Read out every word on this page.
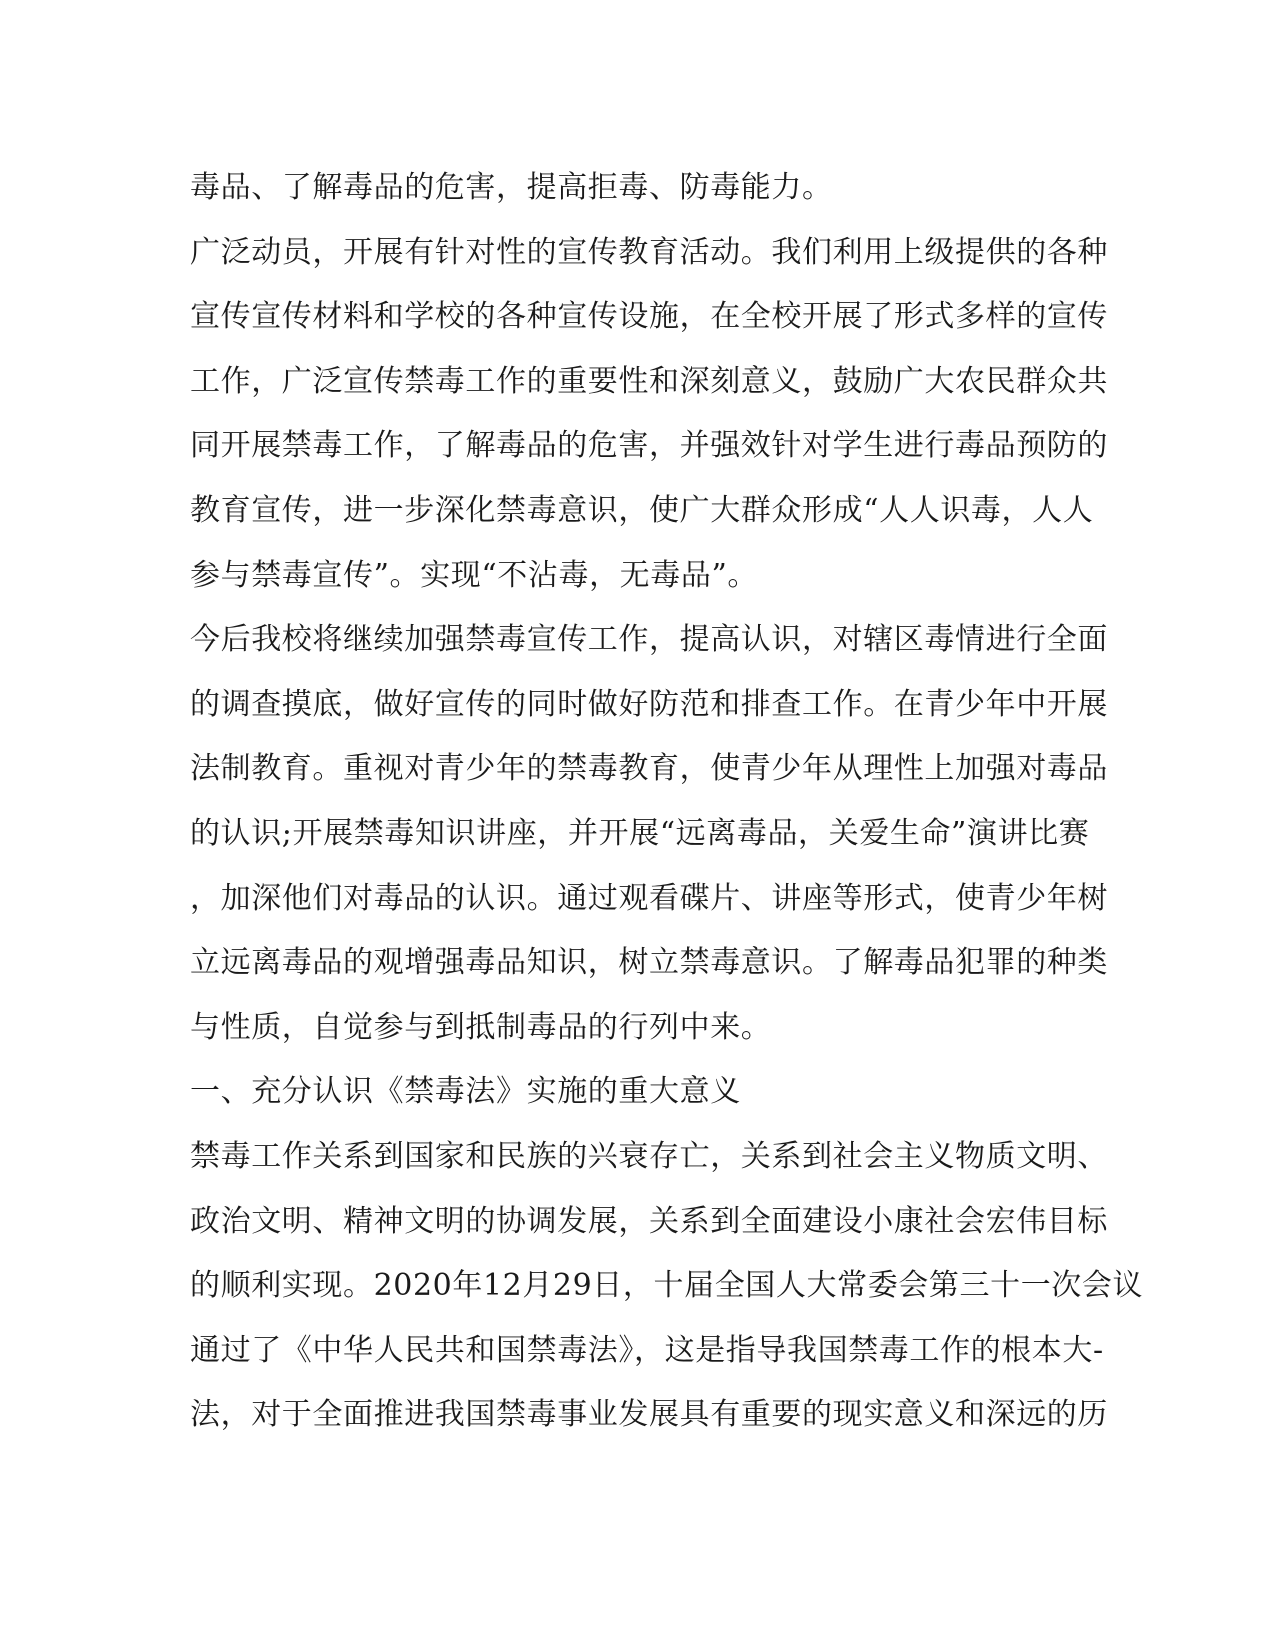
毒品、了解毒品的危害，提高拒毒、防毒能力。
广泛动员，开展有针对性的宣传教育活动。我们利用上级提供的各种
宣传宣传材料和学校的各种宣传设施，在全校开展了形式多样的宣传
工作，广泛宣传禁毒工作的重要性和深刻意义，鼓励广大农民群众共
同开展禁毒工作，了解毒品的危害，并强效针对学生进行毒品预防的
教育宣传，进一步深化禁毒意识，使广大群众形成“人人识毒，人人
参与禁毒宣传”。实现“不沾毒，无毒品”。
今后我校将继续加强禁毒宣传工作，提高认识，对辖区毒情进行全面
的调查摸底，做好宣传的同时做好防范和排查工作。在青少年中开展
法制教育。重视对青少年的禁毒教育，使青少年从理性上加强对毒品
的认识;开展禁毒知识讲座，并开展“远离毒品，关爱生命”演讲比赛
，加深他们对毒品的认识。通过观看碟片、讲座等形式，使青少年树
立远离毒品的观增强毒品知识，树立禁毒意识。了解毒品犯罪的种类
与性质，自觉参与到抵制毒品的行列中来。
一、充分认识《禁毒法》实施的重大意义
禁毒工作关系到国家和民族的兴衰存亡，关系到社会主义物质文明、
政治文明、精神文明的协调发展，关系到全面建设小康社会宏伟目标
的顺利实现。2020年12月29日，十届全国人大常委会第三十一次会议
通过了《中华人民共和国禁毒法》，这是指导我国禁毒工作的根本大-
法，对于全面推进我国禁毒事业发展具有重要的现实意义和深远的历
